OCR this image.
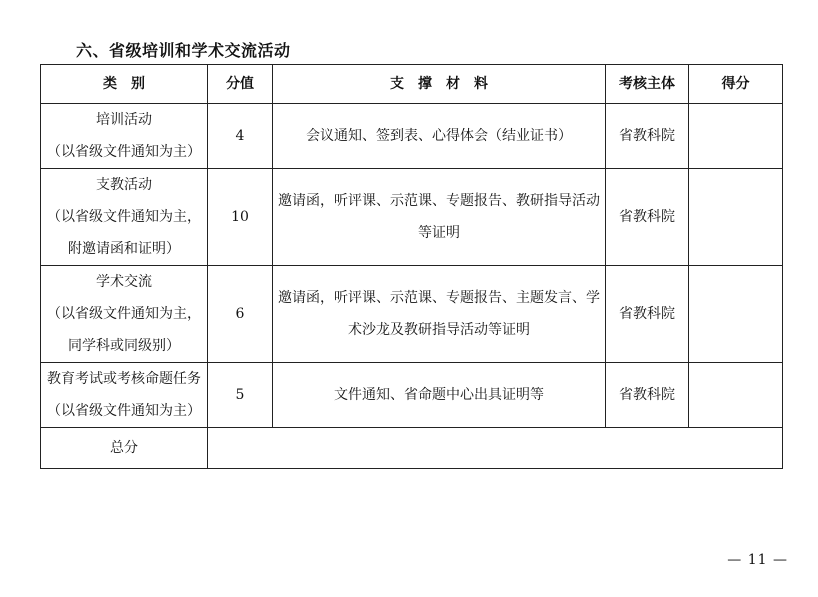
六、省级培训和学术交流活动
类　别	分值	支　撑　材　料	考核主体	得分

培训活动
（以省级文件通知为主）	4	会议通知、签到表、心得体会（结业证书）	省教科院	

支教活动
（以省级文件通知为主，
附邀请函和证明）	10	邀请函，听评课、示范课、专题报告、教研指导活动等证明	省教科院	

学术交流
（以省级文件通知为主，
同学科或同级别）	6	邀请函，听评课、示范课、专题报告、主题发言、学术沙龙及教研指导活动等证明	省教科院	

教育考试或考核命题任务
（以省级文件通知为主）	5	文件通知、省命题中心出具证明等	省教科院	
总分				
— 11 —
